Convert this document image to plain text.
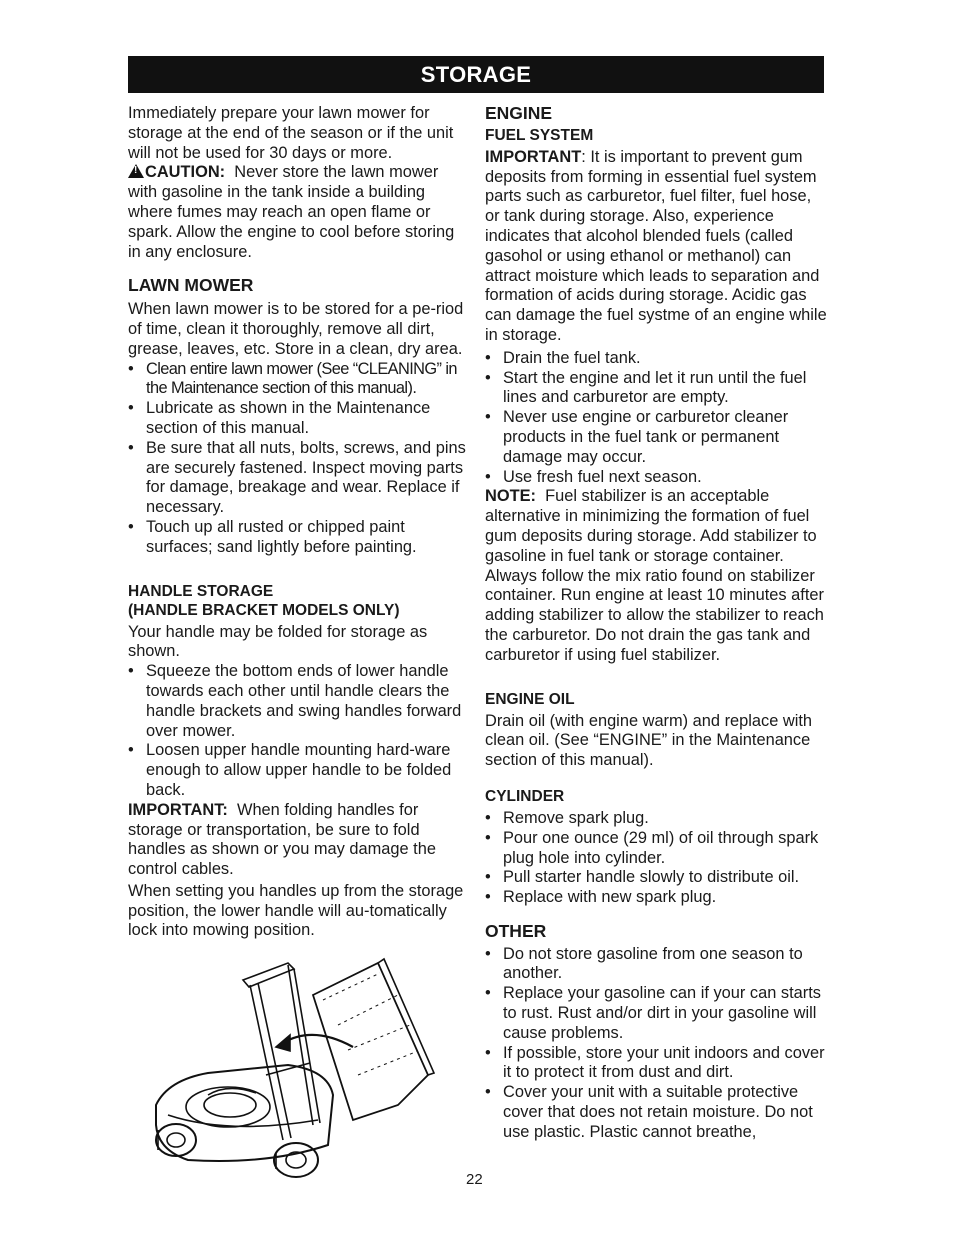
STORAGE

Immediately prepare your lawn mower for storage at the end of the season or if the unit will not be used for 30 days or more.

!CAUTION: Never store the lawn mower with gasoline in the tank inside a building where fumes may reach an open flame or spark. Allow the engine to cool before storing in any enclosure.

LAWN MOWER

When lawn mower is to be stored for a pe-riod of time, clean it thoroughly, remove all dirt, grease, leaves, etc. Store in a clean, dry area.

• Clean entire lawn mower (See “CLEANING” in the Maintenance section of this manual).
• Lubricate as shown in the Maintenance section of this manual.
• Be sure that all nuts, bolts, screws, and pins are securely fastened. Inspect moving parts for damage, breakage and wear. Replace if necessary.
• Touch up all rusted or chipped paint surfaces; sand lightly before painting.
HANDLE STORAGE
(HANDLE BRACKET MODELS ONLY)

Your handle may be folded for storage as shown.

• Squeeze the bottom ends of lower handle towards each other until handle clears the handle brackets and swing handles forward over mower.
• Loosen upper handle mounting hard-ware enough to allow upper handle to be folded back.

IMPORTANT: When folding handles for storage or transportation, be sure to fold handles as shown or you may damage the control cables.

When setting you handles up from the storage position, the lower handle will au-tomatically lock into mowing position.

ENGINE
FUEL SYSTEM

IMPORTANT: It is important to prevent gum deposits from forming in essential fuel system parts such as carburetor, fuel filter, fuel hose, or tank during storage. Also, experience indicates that alcohol blended fuels (called gasohol or using ethanol or methanol) can attract moisture which leads to separation and formation of acids during storage. Acidic gas can damage the fuel systme of an engine while in storage.

• Drain the fuel tank.
• Start the engine and let it run until the fuel lines and carburetor are empty.
• Never use engine or carburetor cleaner products in the fuel tank or permanent damage may occur.
• Use fresh fuel next season.

NOTE: Fuel stabilizer is an acceptable alternative in minimizing the formation of fuel gum deposits during storage. Add stabilizer to gasoline in fuel tank or storage container. Always follow the mix ratio found on stabilizer container. Run engine at least 10 minutes after adding stabilizer to allow the stabilizer to reach the carburetor. Do not drain the gas tank and carburetor if using fuel stabilizer.

ENGINE OIL

Drain oil (with engine warm) and replace with clean oil. (See “ENGINE” in the Maintenance section of this manual).

CYLINDER
• Remove spark plug.
• Pour one ounce (29 ml) of oil through spark plug hole into cylinder.
• Pull starter handle slowly to distribute oil.
• Replace with new spark plug.
OTHER
• Do not store gasoline from one season to another.
• Replace your gasoline can if your can starts to rust. Rust and/or dirt in your gasoline will cause problems.
• If possible, store your unit indoors and cover it to protect it from dust and dirt.
• Cover your unit with a suitable protective cover that does not retain moisture. Do not use plastic. Plastic cannot breathe,
22
